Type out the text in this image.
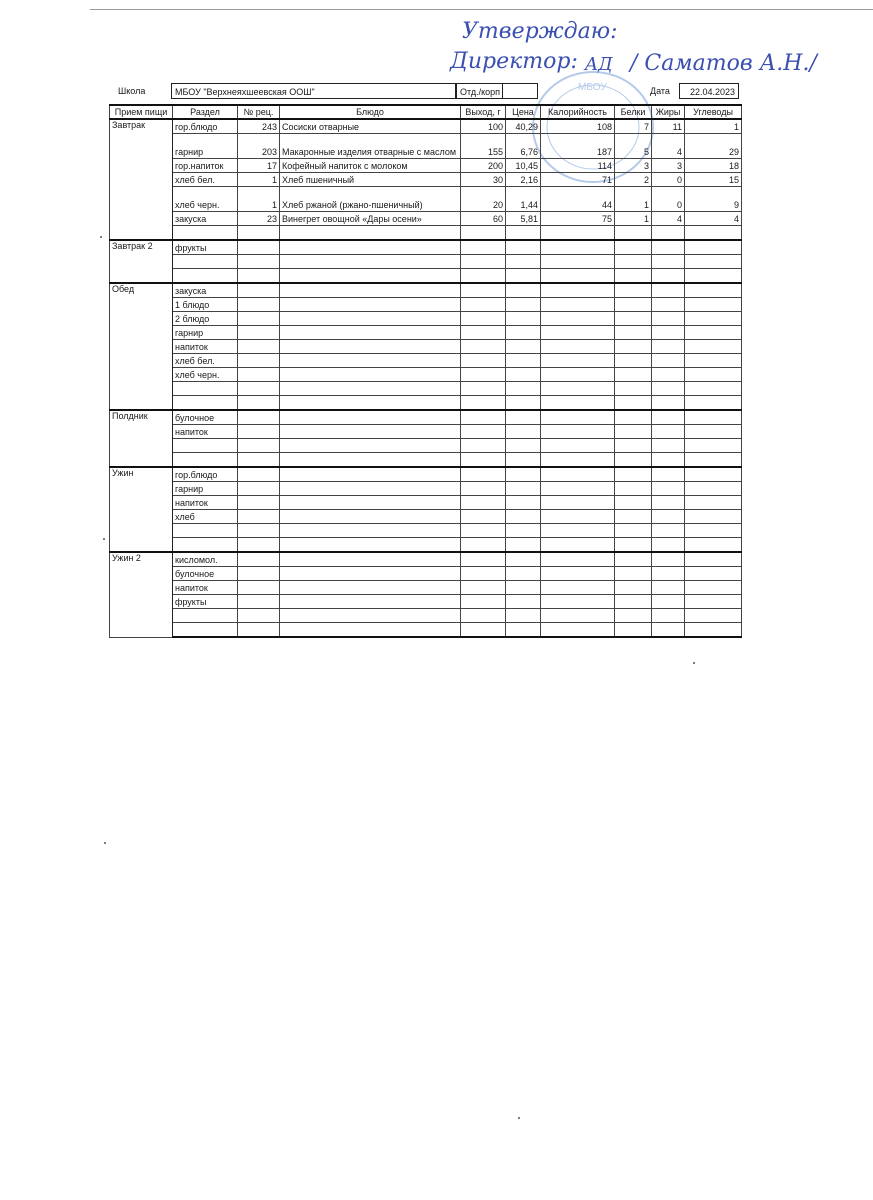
Утверждаю:
Директор: AД / Саматов А.Н./
МБОУ
Школа	МБОУ "Верхнеяхшеевская ООШ"	Отд./корп	Дата	22.04.2023
Прием пищи	Раздел	№ рец.	Блюдо	Выход, г	Цена	Калорийность	Белки	Жиры	Углеводы
Завтрак	гор.блюдо	243	Сосиски отварные	100	40,29	108	7	11	1
	гарнир	203	Макаронные изделия отварные с маслом	155	6,76	187	5	4	29
	гор.напиток	17	Кофейный напиток с молоком	200	10,45	114	3	3	18
	хлеб бел.	1	Хлеб пшеничный	30	2,16	71	2	0	15
	хлеб черн.	1	Хлеб ржаной (ржано-пшеничный)	20	1,44	44	1	0	9
	закуска	23	Винегрет овощной «Дары осени»	60	5,81	75	1	4	4

Завтрак 2	фрукты								

Обед	закуска								
	1 блюдо								
	2 блюдо								
	гарнир								
	напиток								
	хлеб бел.								
	хлеб черн.								

Полдник	булочное								
	напиток								

Ужин	гор.блюдо								
	гарнир								
	напиток								
	хлеб								

Ужин 2	кисломол.								
	булочное								
	напиток								
	фрукты								
